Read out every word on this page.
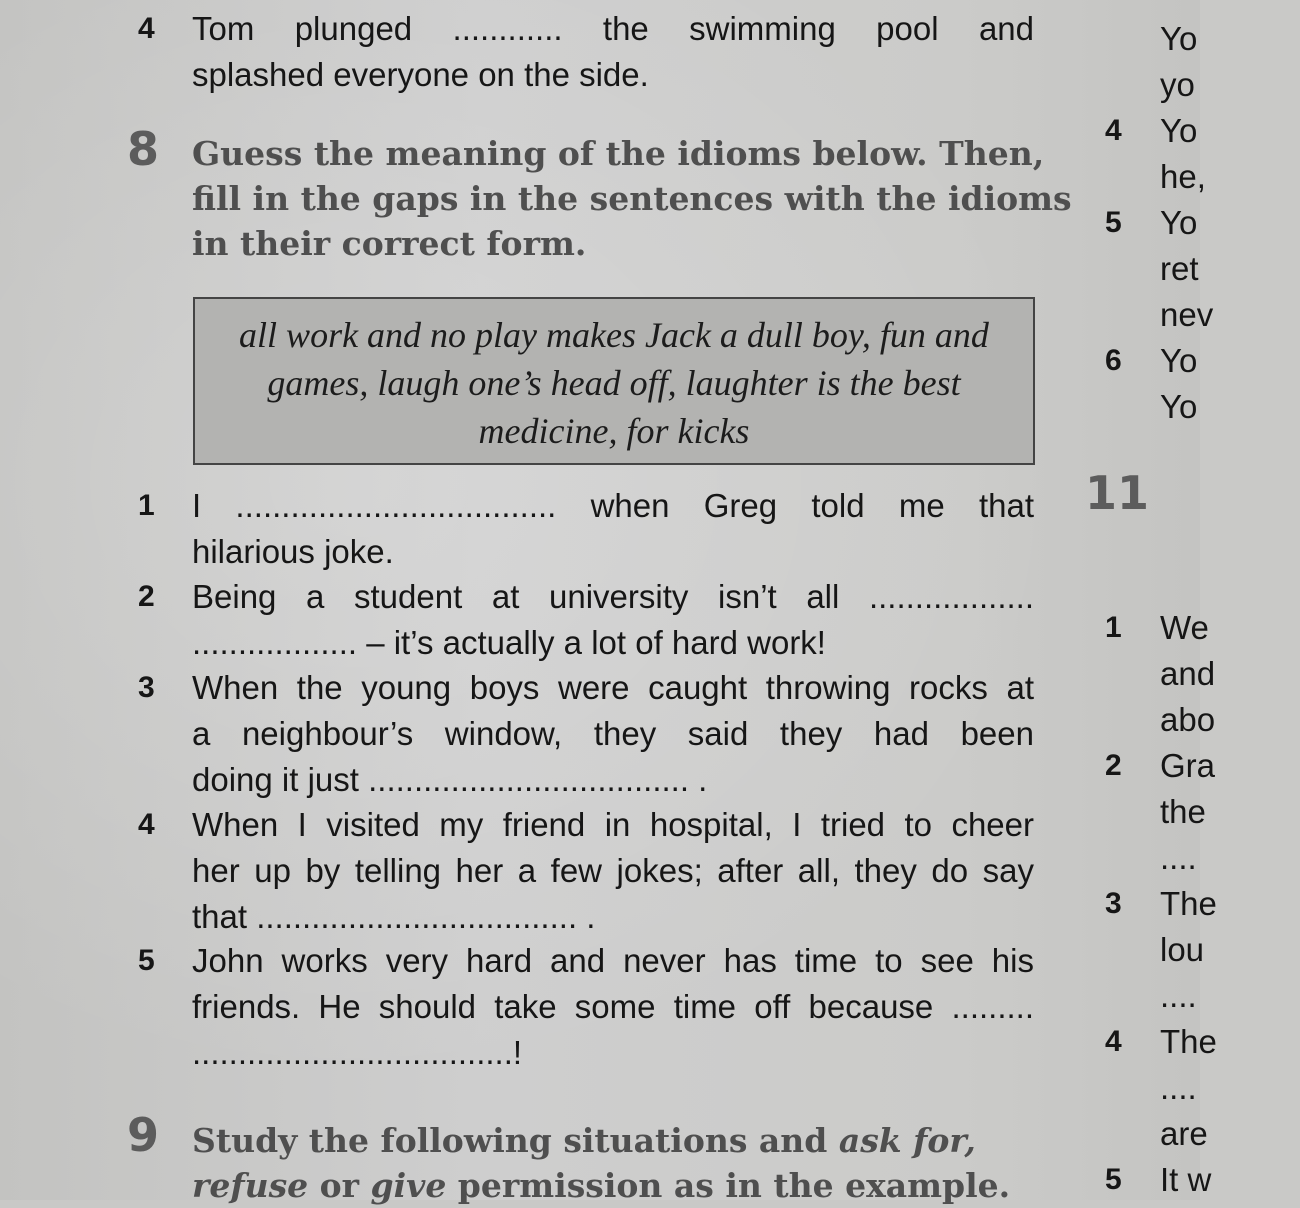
4	Tom plunged ............ the swimming pool and
splashed everyone on the side.
8 Guess the meaning of the idioms below. Then,
fill in the gaps in the sentences with the idioms
in their correct form.
all work and no play makes Jack a dull boy, fun and
games, laugh one’s head off, laughter is the best
medicine, for kicks
1	I ................................... when Greg told me that
hilarious joke.
2	Being a student at university isn’t all ..................
.................. – it’s actually a lot of hard work!
3	When the young boys were caught throwing rocks at
a neighbour’s window, they said they had been
doing it just ................................... .
4	When I visited my friend in hospital, I tried to cheer
her up by telling her a few jokes; after all, they do say
that ................................... .
5	John works very hard and never has time to see his
friends. He should take some time off because .........
...................................!
9 Study the following situations and ask for,
refuse or give permission as in the example.
11
Yo
yo
4 Yo
he,
5 Yo
ret
nev
6 Yo
Yo
1 We
and
abo
2 Gra
the
....
3 The
lou
....
4 The
....
are
5 It w
